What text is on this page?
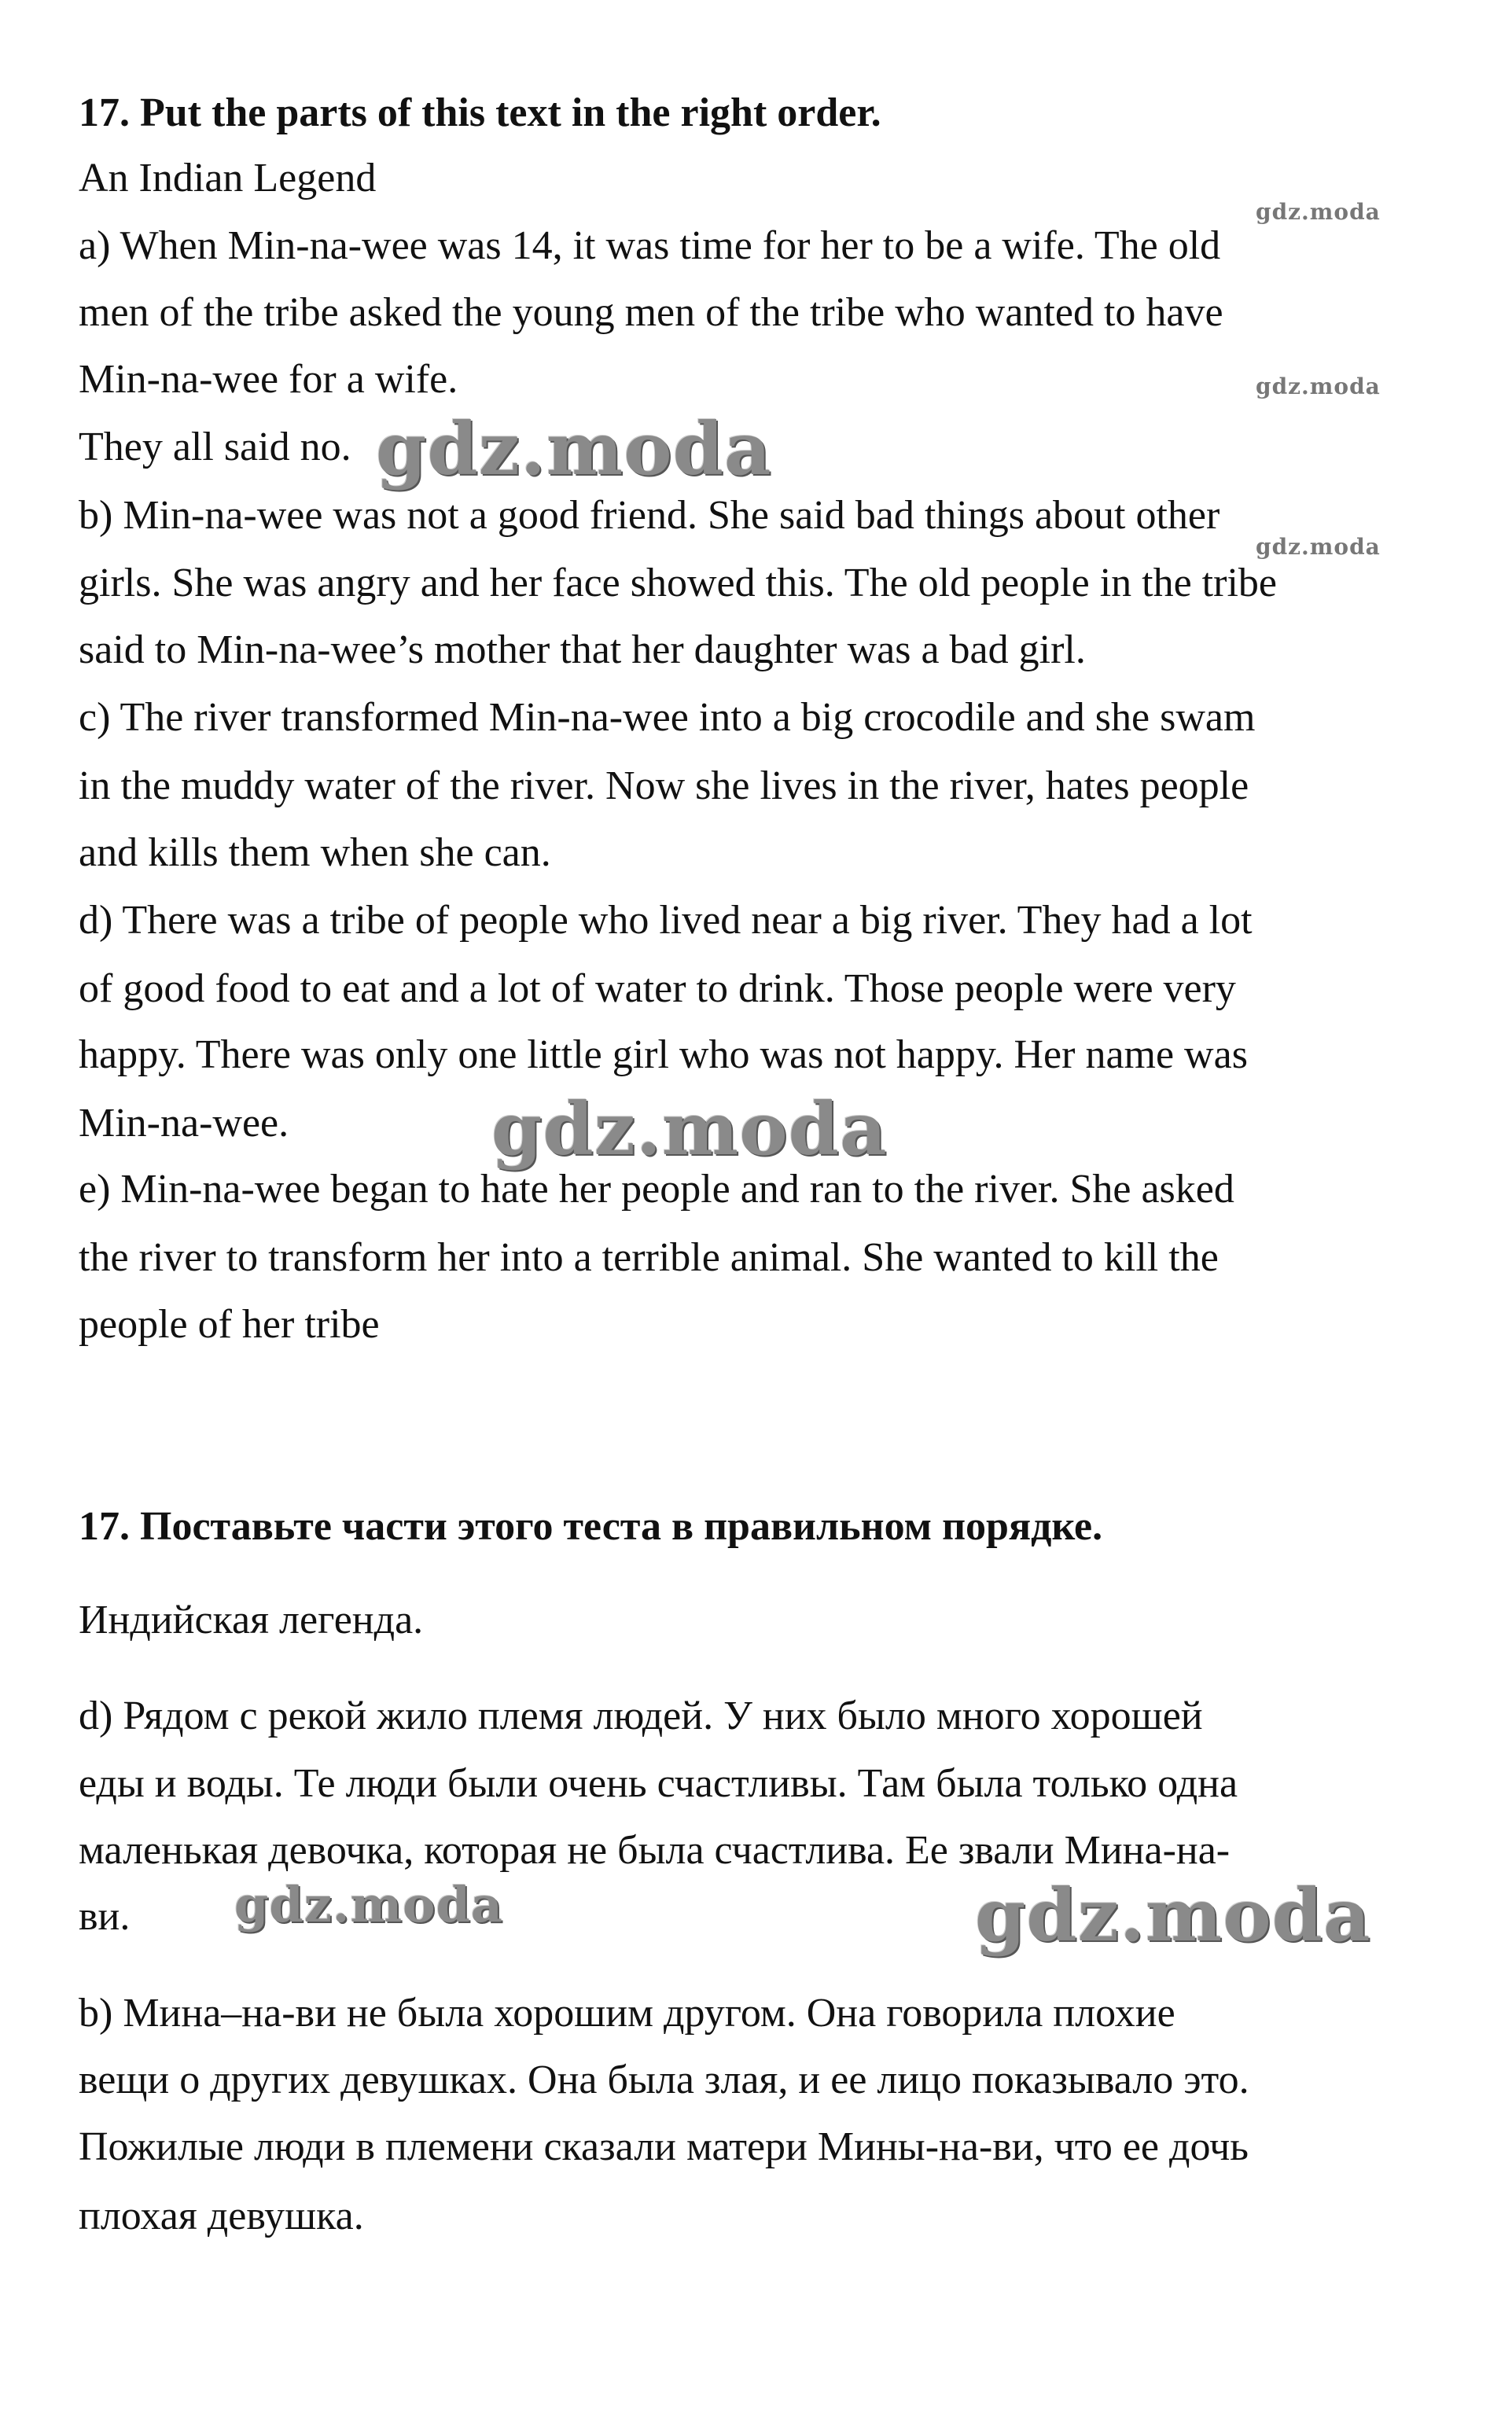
17. Put the parts of this text in the right order.
An Indian Legend
a) When Min-na-wee was 14, it was time for her to be a wife. The old
men of the tribe asked the young men of the tribe who wanted to have
Min-na-wee for a wife.
They all said no.
b) Min-na-wee was not a good friend. She said bad things about other
girls. She was angry and her face showed this. The old people in the tribe
said to Min-na-wee’s mother that her daughter was a bad girl.
c) The river transformed Min-na-wee into a big crocodile and she swam
in the muddy water of the river. Now she lives in the river, hates people
and kills them when she can.
d) There was a tribe of people who lived near a big river. They had a lot
of good food to eat and a lot of water to drink. Those people were very
happy. There was only one little girl who was not happy. Her name was
Min-na-wee.
e) Min-na-wee began to hate her people and ran to the river. She asked
the river to transform her into a terrible animal. She wanted to kill the
people of her tribe
17. Поставьте части этого теста в правильном порядке.
Индийская легенда.
d) Рядом с рекой жило племя людей. У них было много хорошей
еды и воды. Те люди были очень счастливы. Там была только одна
маленькая девочка, которая не была счастлива. Ее звали Мина-на-
ви.
b) Мина–на-ви не была хорошим другом. Она говорила плохие
вещи о других девушках. Она была злая, и ее лицо показывало это.
Пожилые люди в племени сказали матери Мины-на-ви, что ее дочь
плохая девушка.
gdz.moda
gdz.moda
gdz.moda
gdz.moda
gdz.moda
gdz.moda	gdz.moda
